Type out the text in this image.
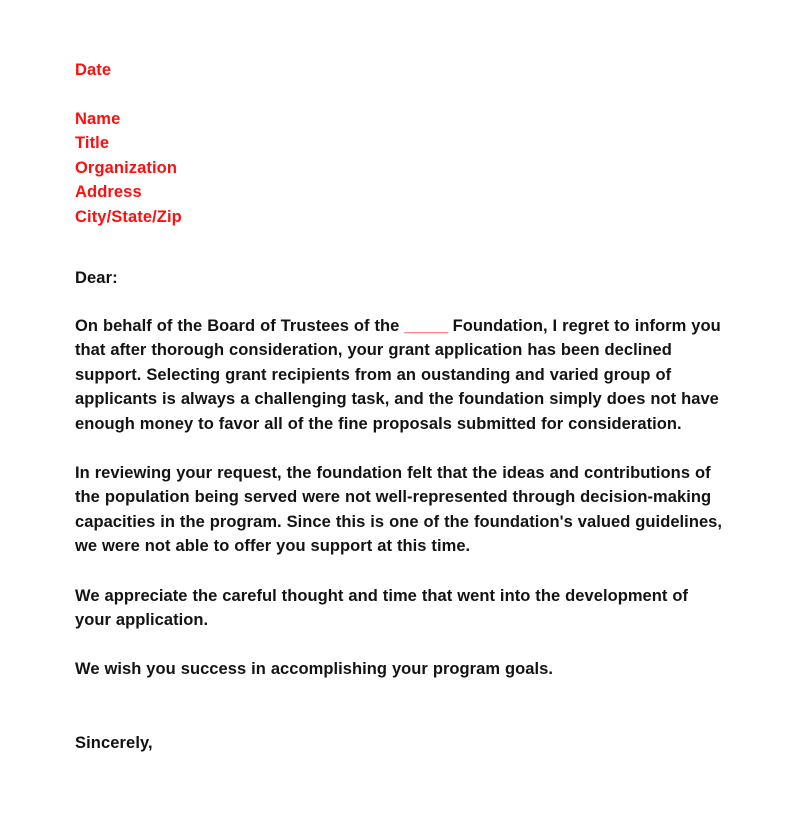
Date
Name
Title
Organization
Address
City/State/Zip
Dear:

On behalf of the Board of Trustees of the _____ Foundation, I regret to inform you that after thorough consideration, your grant application has been declined support. Selecting grant recipients from an oustanding and varied group of applicants is always a challenging task, and the foundation simply does not have enough money to favor all of the fine proposals submitted for consideration.

In reviewing your request, the foundation felt that the ideas and contributions of the population being served were not well-represented through decision-making capacities in the program. Since this is one of the foundation's valued guidelines, we were not able to offer you support at this time.

We appreciate the careful thought and time that went into the development of your application.

We wish you success in accomplishing your program goals.

Sincerely,
